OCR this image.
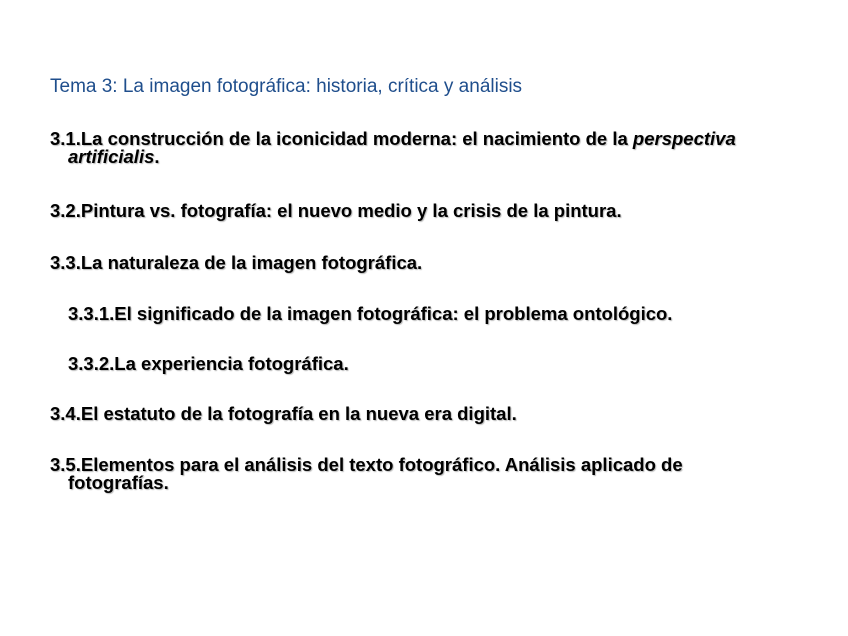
Tema 3: La imagen fotográfica: historia, crítica y análisis

3.1.La construcción de la iconicidad moderna: el nacimiento de la perspectiva
artificialis.

3.2.Pintura vs. fotografía: el nuevo medio y la crisis de la pintura.

3.3.La naturaleza de la imagen fotográfica.

3.3.1.El significado de la imagen fotográfica: el problema ontológico.

3.3.2.La experiencia fotográfica.

3.4.El estatuto de la fotografía en la nueva era digital.

3.5.Elementos para el análisis del texto fotográfico. Análisis aplicado de
fotografías.
